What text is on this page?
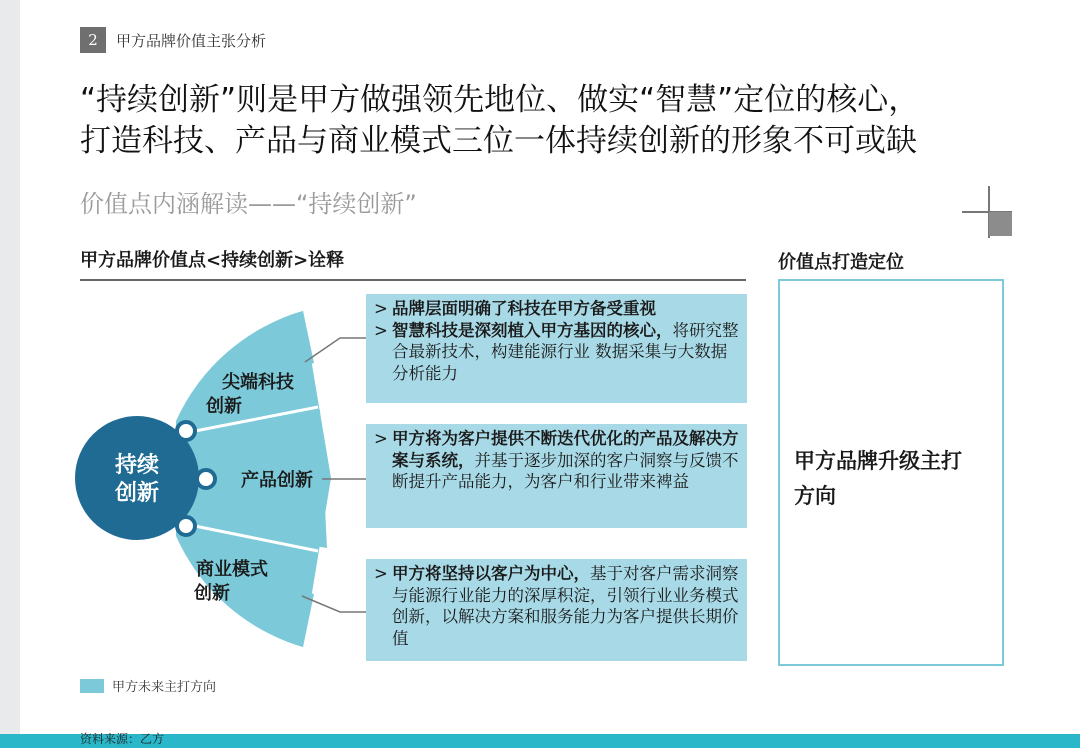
2	甲方品牌价值主张分析
“持续创新”则是甲方做强领先地位、做实“智慧”定位的核心，
打造科技、产品与商业模式三位一体持续创新的形象不可或缺
价值点内涵解读——“持续创新”
甲方品牌价值点<持续创新>诠释	价值点打造定位
甲方品牌升级主打方向
持续
创新
尖端科技
创新
产品创新
商业模式
创新

> 品牌层面明确了科技在甲方备受重视

> 智慧科技是深刻植入甲方基因的核心，将研究整合最新技术，构建能源行业 数据采集与大数据分析能力

> 甲方将为客户提供不断迭代优化的产品及解决方案与系统，并基于逐步加深的客户洞察与反馈不断提升产品能力，为客户和行业带来裨益

> 甲方将坚持以客户为中心，基于对客户需求洞察与能源行业能力的深厚积淀，引领行业业务模式创新，以解决方案和服务能力为客户提供长期价值

甲方未来主打方向
资料来源：乙方
